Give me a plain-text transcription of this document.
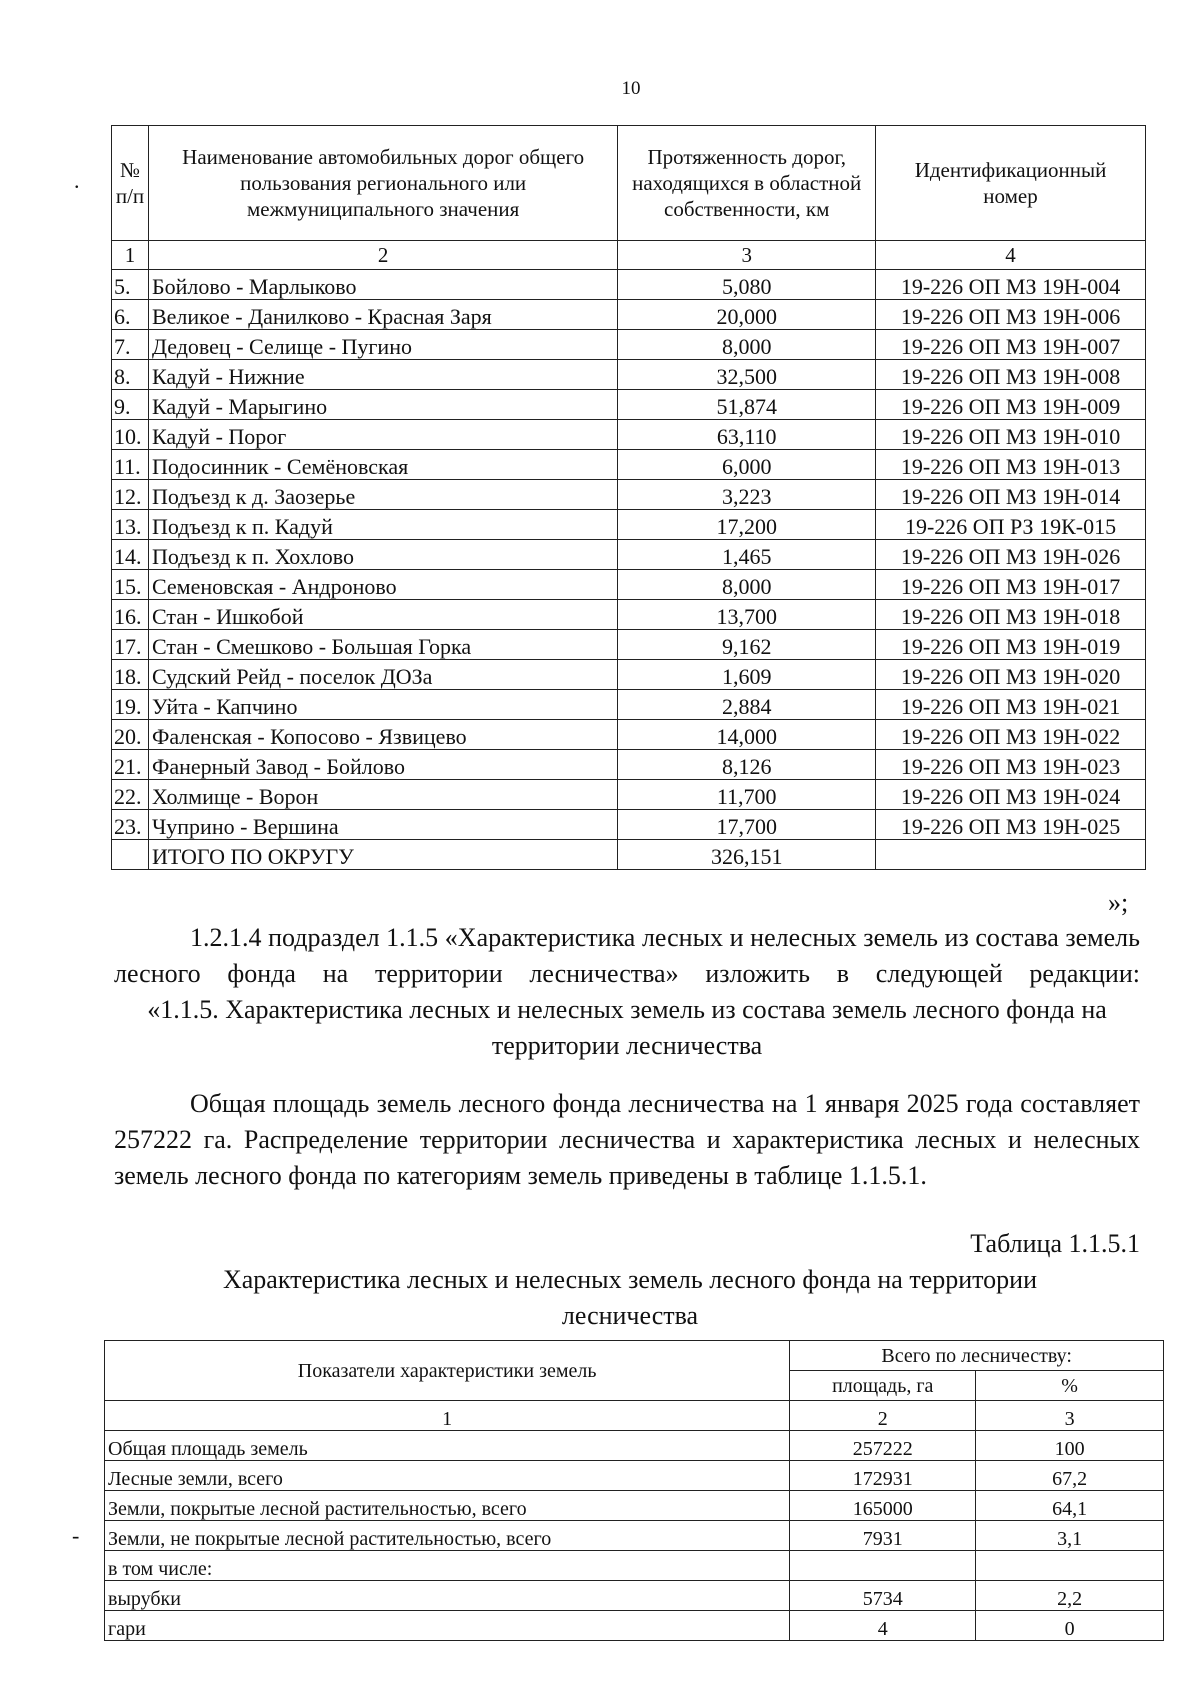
10
. № п/п	Наименование автомобильных дорог общего пользования регионального или межмуниципального значения	Протяженность дорог, находящихся в областной собственности, км	Идентификационный номер
1	2	3	4
5.	Бойлово - Марлыково	5,080	19-226 ОП МЗ 19Н-004
6.	Великое - Данилково - Красная Заря	20,000	19-226 ОП МЗ 19Н-006
7.	Дедовец - Селище - Пугино	8,000	19-226 ОП МЗ 19Н-007
8.	Кадуй - Нижние	32,500	19-226 ОП МЗ 19Н-008
9.	Кадуй - Марыгино	51,874	19-226 ОП МЗ 19Н-009
10.	Кадуй - Порог	63,110	19-226 ОП МЗ 19Н-010
11.	Подосинник - Семёновская	6,000	19-226 ОП МЗ 19Н-013
12.	Подъезд к д. Заозерье	3,223	19-226 ОП МЗ 19Н-014
13.	Подъезд к п. Кадуй	17,200	19-226 ОП РЗ 19К-015
14.	Подъезд к п. Хохлово	1,465	19-226 ОП МЗ 19Н-026
15.	Семеновская - Андроново	8,000	19-226 ОП МЗ 19Н-017
16.	Стан - Ишкобой	13,700	19-226 ОП МЗ 19Н-018
17.	Стан - Смешково - Большая Горка	9,162	19-226 ОП МЗ 19Н-019
18.	Судский Рейд - поселок ДОЗа	1,609	19-226 ОП МЗ 19Н-020
19.	Уйта - Капчино	2,884	19-226 ОП МЗ 19Н-021
20.	Фаленская - Копосово - Язвицево	14,000	19-226 ОП МЗ 19Н-022
21.	Фанерный Завод - Бойлово	8,126	19-226 ОП МЗ 19Н-023
22.	Холмище - Ворон	11,700	19-226 ОП МЗ 19Н-024
23.	Чуприно - Вершина	17,700	19-226 ОП МЗ 19Н-025
	ИТОГО ПО ОКРУГУ	326,151	
»;
1.2.1.4 подраздел 1.1.5 «Характеристика лесных и нелесных земель из состава земель лесного фонда на территории лесничества» изложить в следующей редакции:
«1.1.5. Характеристика лесных и нелесных земель из состава земель лесного фонда на территории лесничества
Общая площадь земель лесного фонда лесничества на 1 января 2025 года составляет 257222 га. Распределение территории лесничества и характеристика лесных и нелесных земель лесного фонда по категориям земель приведены в таблице 1.1.5.1.
Таблица 1.1.5.1
Характеристика лесных и нелесных земель лесного фонда на территории лесничества
-
Показатели характеристики земель	Всего по лесничеству:	
	площадь, га	%
1	2	3
Общая площадь земель	257222	100
Лесные земли, всего	172931	67,2
Земли, покрытые лесной растительностью, всего	165000	64,1
Земли, не покрытые лесной растительностью, всего	7931	3,1
в том числе:		
вырубки	5734	2,2
гари	4	0
